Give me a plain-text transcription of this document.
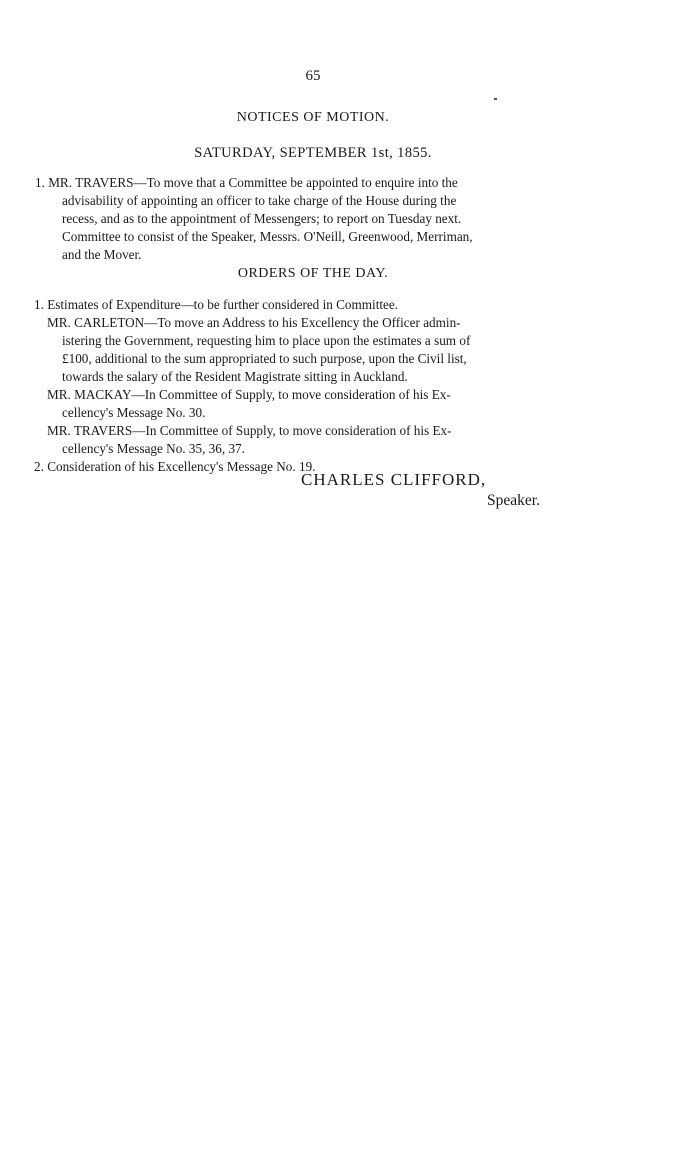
65
NOTICES OF MOTION.
SATURDAY, SEPTEMBER 1st, 1855.
1. MR. TRAVERS—To move that a Committee be appointed to enquire into the
advisability of appointing an officer to take charge of the House during the
recess, and as to the appointment of Messengers; to report on Tuesday next.
Committee to consist of the Speaker, Messrs. O'Neill, Greenwood, Merriman,
and the Mover.
ORDERS OF THE DAY.
1. Estimates of Expenditure—to be further considered in Committee.
MR. CARLETON—To move an Address to his Excellency the Officer admin-
istering the Government, requesting him to place upon the estimates a sum of
£100, additional to the sum appropriated to such purpose, upon the Civil list,
towards the salary of the Resident Magistrate sitting in Auckland.
MR. MACKAY—In Committee of Supply, to move consideration of his Ex-
cellency's Message No. 30.
MR. TRAVERS—In Committee of Supply, to move consideration of his Ex-
cellency's Message No. 35, 36, 37.
2. Consideration of his Excellency's Message No. 19.
CHARLES CLIFFORD,
Speaker.
